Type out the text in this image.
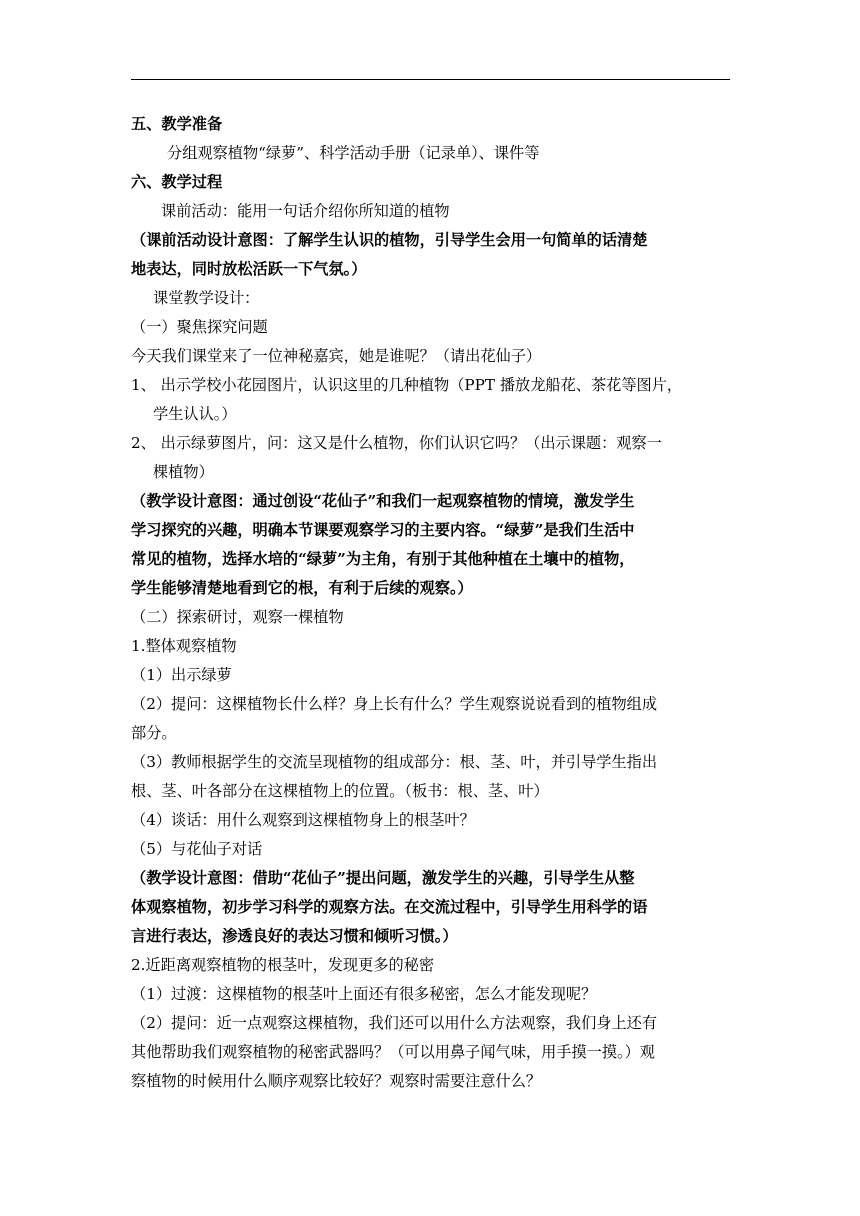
五、教学准备
分组观察植物“绿萝”、科学活动手册（记录单）、课件等
六、教学过程
课前活动：能用一句话介绍你所知道的植物
（课前活动设计意图：了解学生认识的植物，引导学生会用一句简单的话清楚
地表达，同时放松活跃一下气氛。）
课堂教学设计：
（一）聚焦探究问题
今天我们课堂来了一位神秘嘉宾，她是谁呢？（请出花仙子）
1、 出示学校小花园图片，认识这里的几种植物（PPT 播放龙船花、茶花等图片，
学生认认。）
2、 出示绿萝图片，问：这又是什么植物，你们认识它吗？（出示课题：观察一
棵植物）
（教学设计意图：通过创设“花仙子”和我们一起观察植物的情境，激发学生
学习探究的兴趣，明确本节课要观察学习的主要内容。“绿萝”是我们生活中
常见的植物，选择水培的“绿萝”为主角，有别于其他种植在土壤中的植物，
学生能够清楚地看到它的根，有利于后续的观察。）
（二）探索研讨，观察一棵植物
1.整体观察植物
（1）出示绿萝
（2）提问：这棵植物长什么样？身上长有什么？学生观察说说看到的植物组成
部分。
（3）教师根据学生的交流呈现植物的组成部分：根、茎、叶，并引导学生指出
根、茎、叶各部分在这棵植物上的位置。（板书：根、茎、叶）
（4）谈话：用什么观察到这棵植物身上的根茎叶？
（5）与花仙子对话
（教学设计意图：借助“花仙子”提出问题，激发学生的兴趣，引导学生从整
体观察植物，初步学习科学的观察方法。在交流过程中，引导学生用科学的语
言进行表达，渗透良好的表达习惯和倾听习惯。）
2.近距离观察植物的根茎叶，发现更多的秘密
（1）过渡：这棵植物的根茎叶上面还有很多秘密，怎么才能发现呢？
（2）提问：近一点观察这棵植物，我们还可以用什么方法观察，我们身上还有
其他帮助我们观察植物的秘密武器吗？（可以用鼻子闻气味，用手摸一摸。）观
察植物的时候用什么顺序观察比较好？观察时需要注意什么？
